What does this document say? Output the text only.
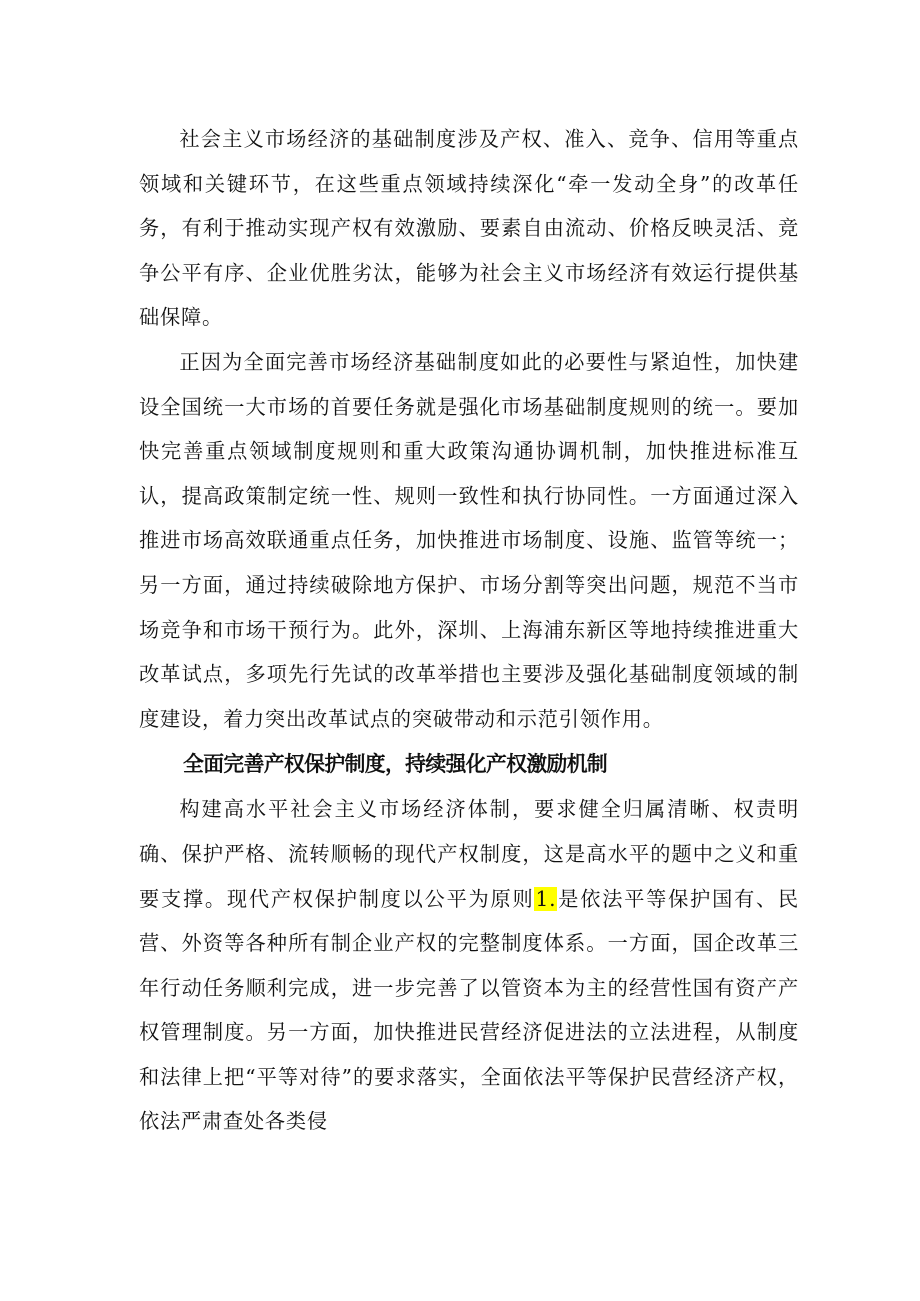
社会主义市场经济的基础制度涉及产权、准入、竞争、信用等重点领域和关键环节，在这些重点领域持续深化“牵一发动全身”的改革任务，有利于推动实现产权有效激励、要素自由流动、价格反映灵活、竞争公平有序、企业优胜劣汰，能够为社会主义市场经济有效运行提供基础保障。

正因为全面完善市场经济基础制度如此的必要性与紧迫性，加快建设全国统一大市场的首要任务就是强化市场基础制度规则的统一。要加快完善重点领域制度规则和重大政策沟通协调机制，加快推进标准互认，提高政策制定统一性、规则一致性和执行协同性。一方面通过深入推进市场高效联通重点任务，加快推进市场制度、设施、监管等统一；另一方面，通过持续破除地方保护、市场分割等突出问题，规范不当市场竞争和市场干预行为。此外，深圳、上海浦东新区等地持续推进重大改革试点，多项先行先试的改革举措也主要涉及强化基础制度领域的制度建设，着力突出改革试点的突破带动和示范引领作用。

全面完善产权保护制度，持续强化产权激励机制

构建高水平社会主义市场经济体制，要求健全归属清晰、权责明确、保护严格、流转顺畅的现代产权制度，这是高水平的题中之义和重要支撑。现代产权保护制度以公平为原则1.是依法平等保护国有、民营、外资等各种所有制企业产权的完整制度体系。一方面，国企改革三年行动任务顺利完成，进一步完善了以管资本为主的经营性国有资产产权管理制度。另一方面，加快推进民营经济促进法的立法进程，从制度和法律上把“平等对待”的要求落实，全面依法平等保护民营经济产权，依法严肃查处各类侵
